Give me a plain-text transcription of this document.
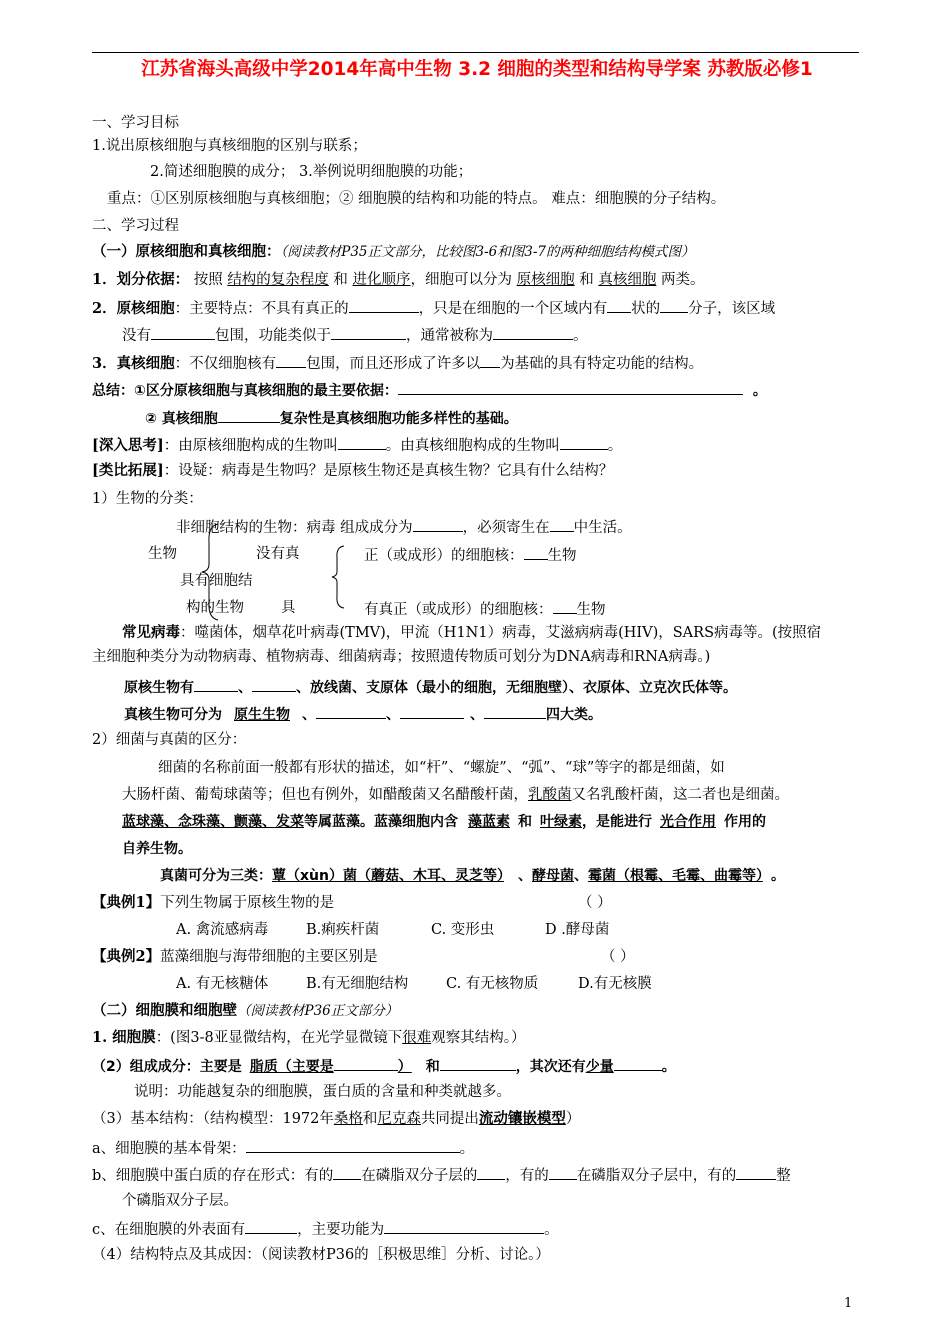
江苏省海头高级中学2014年高中生物 3.2 细胞的类型和结构导学案 苏教版必修1
一、学习目标
1.说出原核细胞与真核细胞的区别与联系；
2.简述细胞膜的成分； 3.举例说明细胞膜的功能；
重点：①区别原核细胞与真核细胞；② 细胞膜的结构和功能的特点。 难点：细胞膜的分子结构。
二、学习过程
（一）原核细胞和真核细胞：（阅读教材P35正文部分，比较图3-6和图3-7的两种细胞结构模式图）
1．划分依据： 按照 结构的复杂程度 和 进化顺序，细胞可以分为 原核细胞 和 真核细胞 两类。
2．原核细胞：主要特点：不具有真正的	，只是在细胞的一个区域内有 状的 分子，该区域
没有	包围，功能类似于	，通常被称为	。
3．真核细胞：不仅细胞核有 包围，而且还形成了许多以 为基础的具有特定功能的结构。
总结：①区分原核细胞与真核细胞的最主要依据：	。
② 真核细胞	复杂性是真核细胞功能多样性的基础。
[深入思考]：由原核细胞构成的生物叫	。由真核细胞构成的生物叫	。
[类比拓展]：设疑：病毒是生物吗？是原核生物还是真核生物？它具有什么结构？
1）生物的分类：
非细胞结构的生物：病毒 组成成分为	，必须寄生在 中生活。
生物	没有真	正（或成形）的细胞核： 生物
具有细胞结
构的生物	具	有真正（或成形）的细胞核： 生物
常见病毒：噬菌体，烟草花叶病毒(TMV)，甲流（H1N1）病毒，艾滋病病毒(HIV)，SARS病毒等。(按照宿
主细胞种类分为动物病毒、植物病毒、细菌病毒；按照遗传物质可划分为DNA病毒和RNA病毒。)
原核生物有	、	、放线菌、支原体（最小的细胞，无细胞壁）、衣原体、立克次氏体等。
真核生物可分为 原生生物 、	、	、	四大类。
2）细菌与真菌的区分：
细菌的名称前面一般都有形状的描述，如“杆”、“螺旋”、“弧”、“球”等字的都是细菌，如
大肠杆菌、葡萄球菌等；但也有例外，如醋酸菌又名醋酸杆菌，乳酸菌又名乳酸杆菌，这二者也是细菌。
蓝球藻、念珠藻、颤藻、发菜等属蓝藻。蓝藻细胞内含 藻蓝素 和 叶绿素，是能进行 光合作用 作用的
自养生物。
真菌可分为三类：蕈（xùn）菌（蘑菇、木耳、灵芝等） 、酵母菌、霉菌（根霉、毛霉、曲霉等） 。
【典例1】下列生物属于原核生物的是	（ ）
A. 禽流感病毒	B.痢疾杆菌	C. 变形虫	D .酵母菌
【典例2】蓝藻细胞与海带细胞的主要区别是	（ ）
A. 有无核糖体	B.有无细胞结构	C. 有无核物质	D.有无核膜
（二）细胞膜和细胞壁（阅读教材P36正文部分）
1. 细胞膜：(图3-8亚显微结构，在光学显微镜下很难观察其结构。）
（2）组成成分：主要是 脂质（主要是	） 和	，其次还有少量	。
说明：功能越复杂的细胞膜，蛋白质的含量和种类就越多。
（3）基本结构：（结构模型：1972年桑格和尼克森共同提出流动镶嵌模型）
a、细胞膜的基本骨架：	。
b、细胞膜中蛋白质的存在形式：有的 在磷脂双分子层的 ，有的 在磷脂双分子层中，有的	整
个磷脂双分子层。
c、在细胞膜的外表面有	，主要功能为	。
（4）结构特点及其成因：（阅读教材P36的［积极思维］分析、讨论。）
1
